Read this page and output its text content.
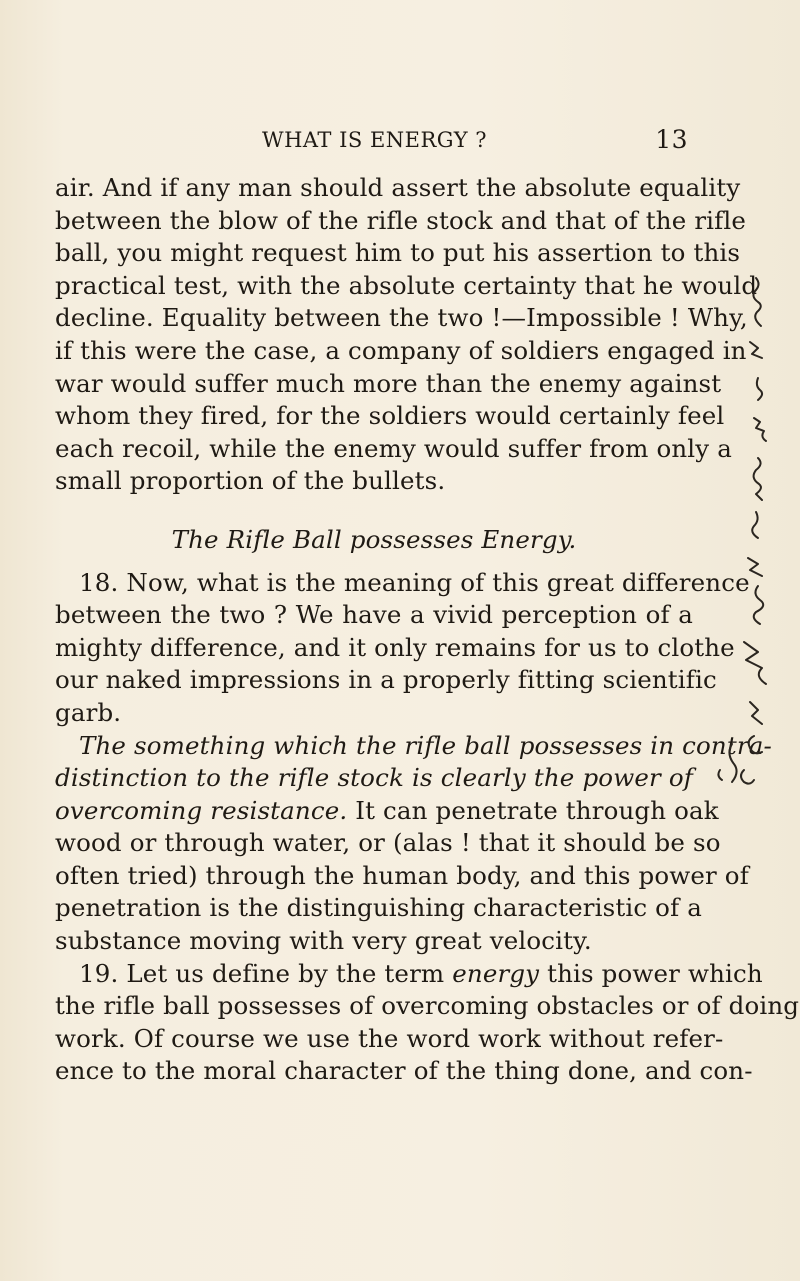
WHAT IS ENERGY ?	13
air. And if any man should assert the absolute equality
between the blow of the rifle stock and that of the rifle
ball, you might request him to put his assertion to this
practical test, with the absolute certainty that he would
decline. Equality between the two !—Impossible ! Why,
if this were the case, a company of soldiers engaged in
war would suffer much more than the enemy against
whom they fired, for the soldiers would certainly feel
each recoil, while the enemy would suffer from only a
small proportion of the bullets.
The Rifle Ball possesses Energy.
18. Now, what is the meaning of this great difference
between the two ? We have a vivid perception of a
mighty difference, and it only remains for us to clothe
our naked impressions in a properly fitting scientific
garb.
The something which the rifle ball possesses in contra-
distinction to the rifle stock is clearly the power of
overcoming resistance. It can penetrate through oak
wood or through water, or (alas ! that it should be so
often tried) through the human body, and this power of
penetration is the distinguishing characteristic of a
substance moving with very great velocity.
19. Let us define by the term energy this power which
the rifle ball possesses of overcoming obstacles or of doing
work. Of course we use the word work without refer-
ence to the moral character of the thing done, and con-
